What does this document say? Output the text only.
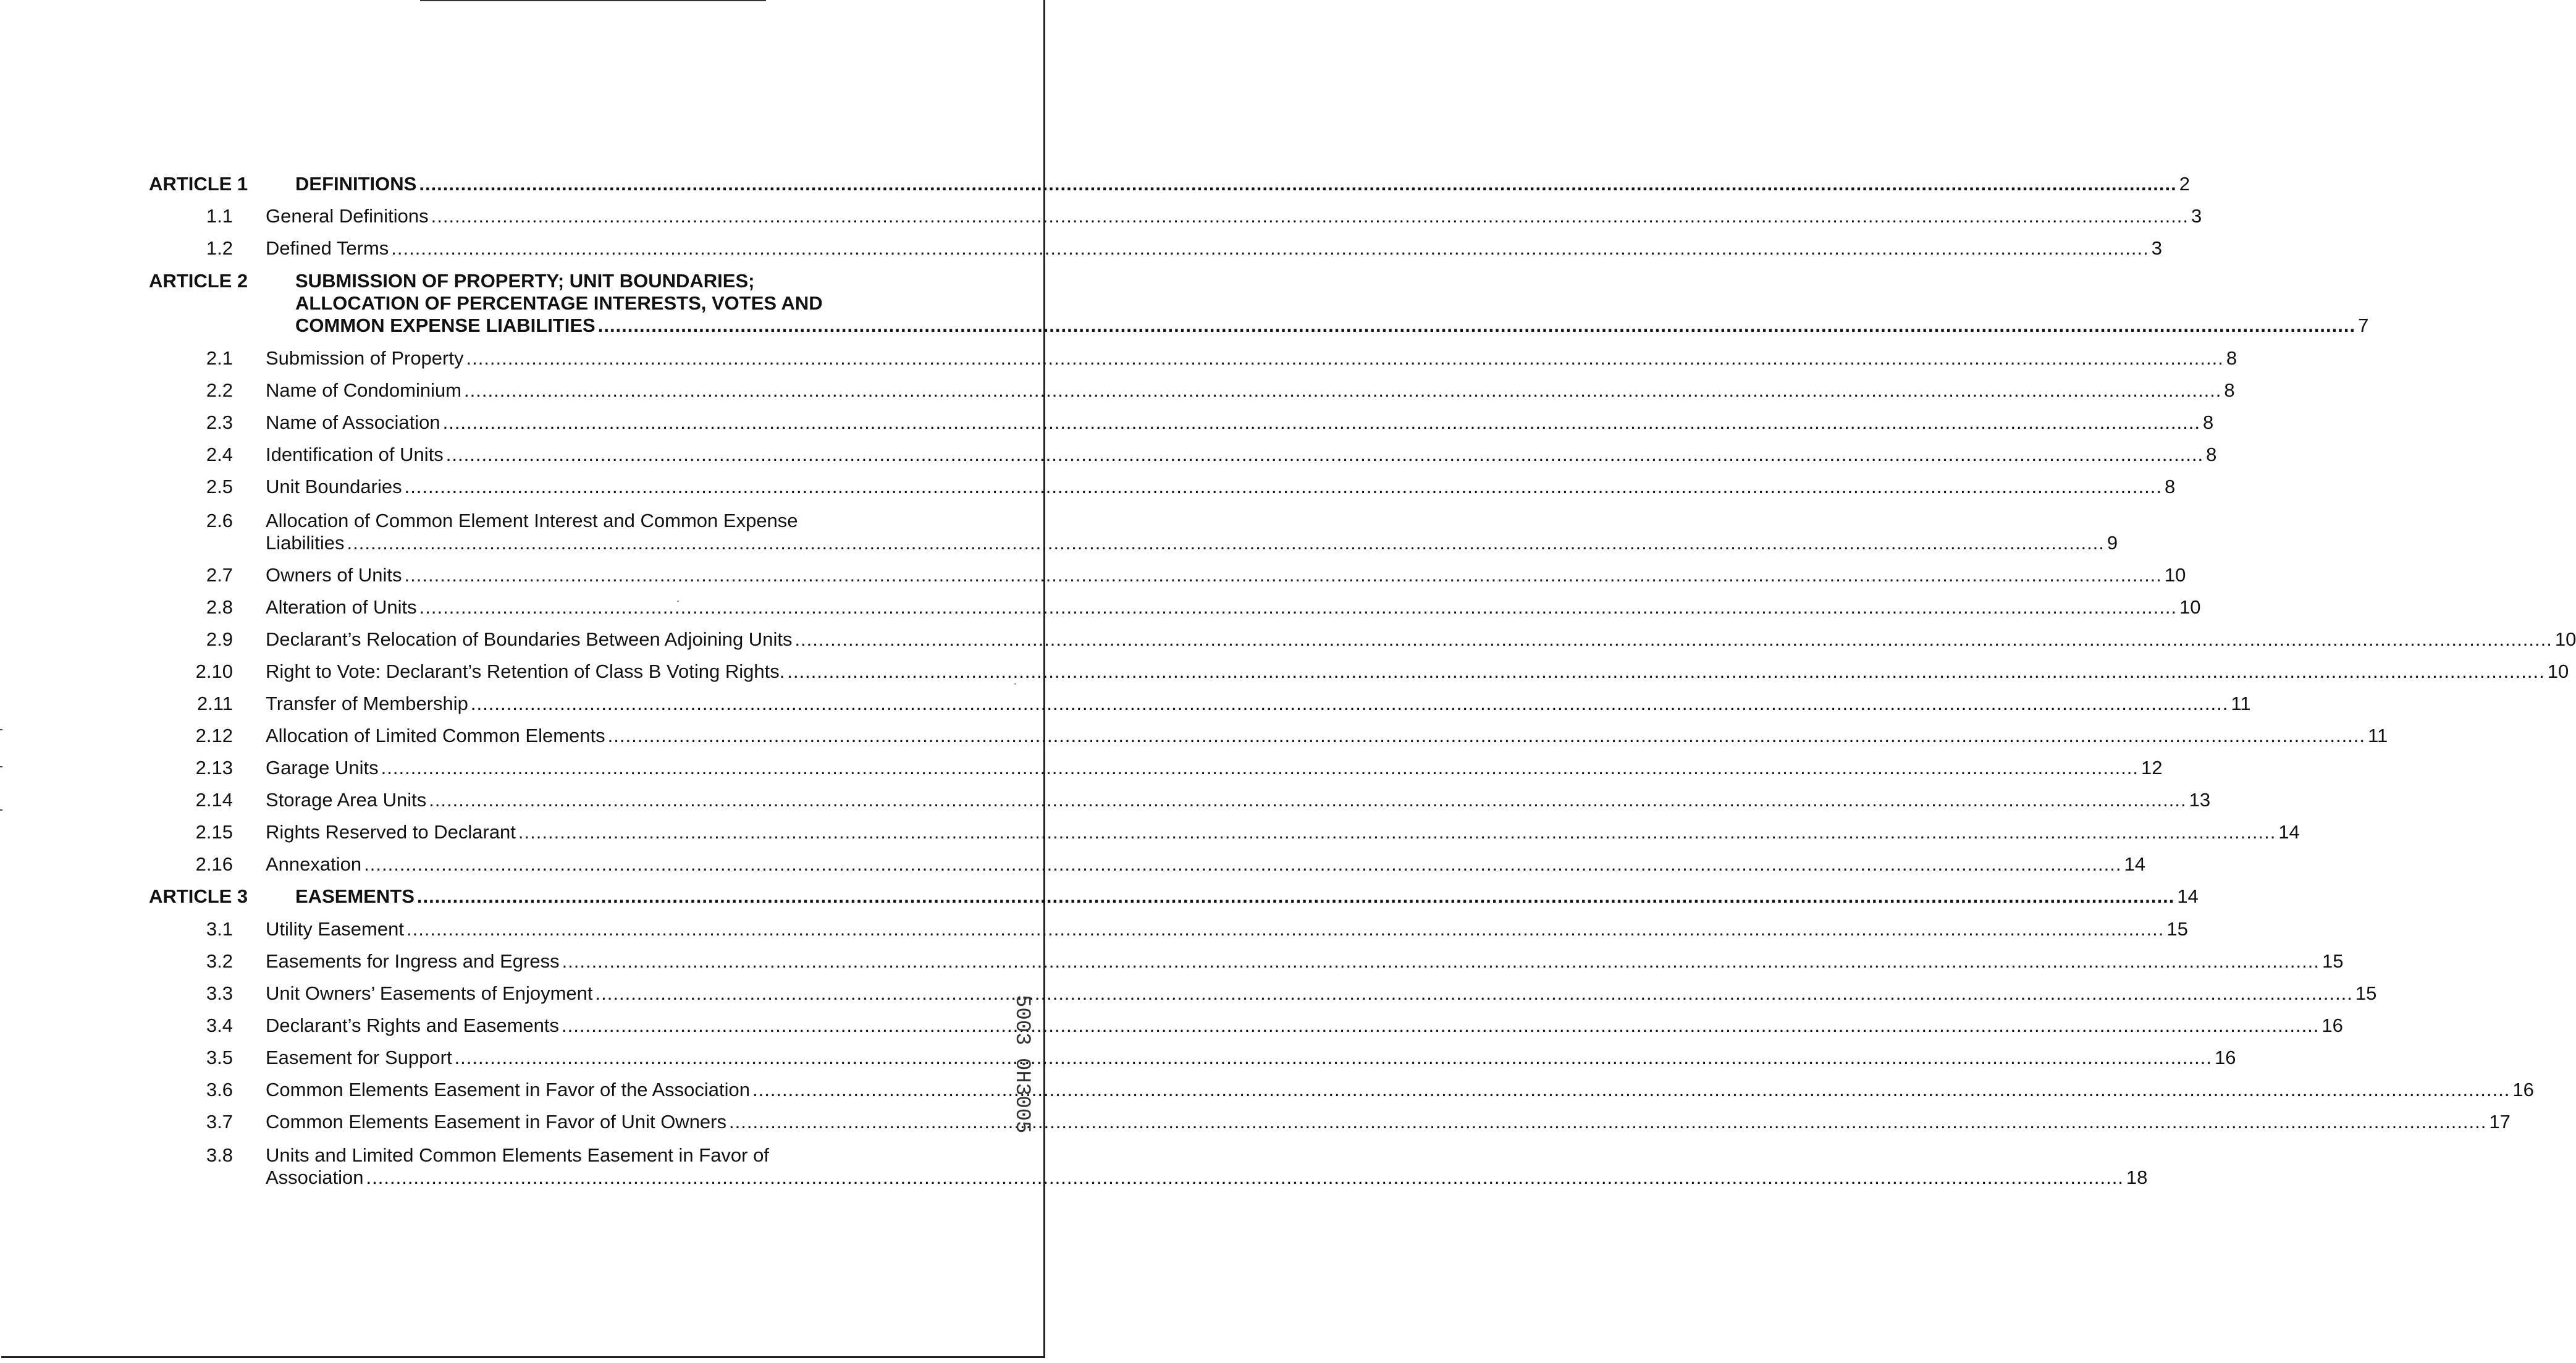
ARTICLE 1 DEFINITIONS .....	2
1.1 General Definitions .....	3
1.2 Defined Terms .....	3
ARTICLE 2 SUBMISSION OF PROPERTY; UNIT BOUNDARIES;
ALLOCATION OF PERCENTAGE INTERESTS, VOTES AND
COMMON EXPENSE LIABILITIES .....	7
2.1 Submission of Property .....	8
2.2 Name of Condominium .....	8
2.3 Name of Association .....	8
2.4 Identification of Units .....	8
2.5 Unit Boundaries .....	8
2.6 Allocation of Common Element Interest and Common Expense
Liabilities .....	9
2.7 Owners of Units .....	10
2.8 Alteration of Units .....	10
2.9 Declarant’s Relocation of Boundaries Between Adjoining Units .....	10
2.10 Right to Vote: Declarant’s Retention of Class B Voting Rights. .....	10
2.11 Transfer of Membership .....	11
2.12 Allocation of Limited Common Elements .....	11
2.13 Garage Units .....	12
2.14 Storage Area Units .....	13
2.15 Rights Reserved to Declarant .....	14
2.16 Annexation .....	14
ARTICLE 3 EASEMENTS .....	14
3.1 Utility Easement .....	15
3.2 Easements for Ingress and Egress .....	15
3.3 Unit Owners’ Easements of Enjoyment .....	15
3.4 Declarant’s Rights and Easements .....	16
3.5 Easement for Support .....	16
3.6 Common Elements Easement in Favor of the Association .....	16
3.7 Common Elements Easement in Favor of Unit Owners .....	17
3.8 Units and Limited Common Elements Easement in Favor of
Association .....	18
5003 0H3005
